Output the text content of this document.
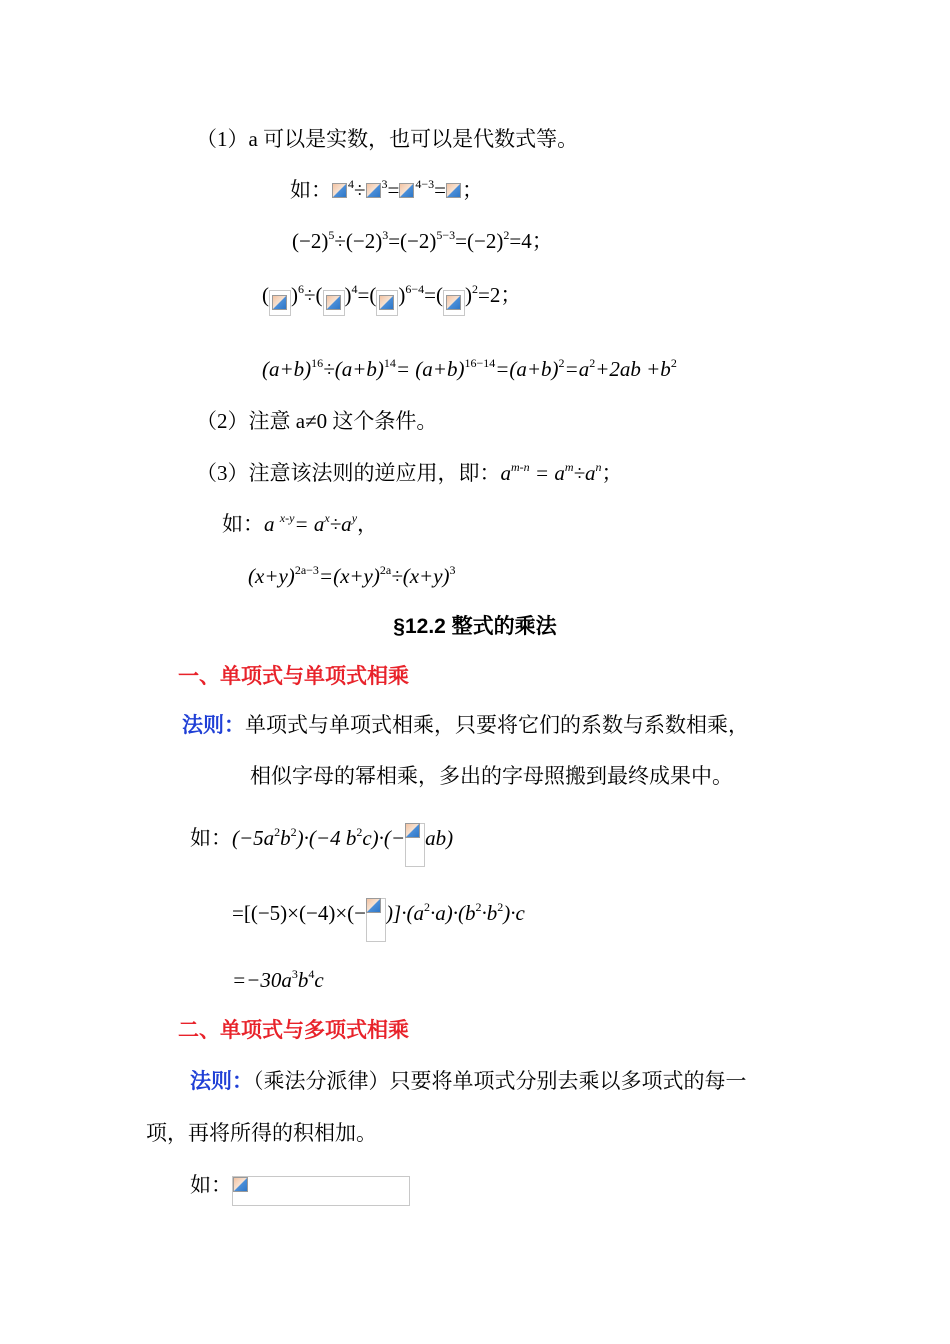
（1）a 可以是实数，也可以是代数式等。
如： $^4$÷ $^3$= $^{4-3}$= ；
$(-2)^5\div(-2)^3=(-2)^{5-3}=(-2)^2=4$；
( )$^6$÷( )$^4$=( )$^{6-4}$=( )$^2$=2；
$(a+b)^{16}\div(a+b)^{14}= (a+b)^{16-14}=(a+b)^2=a^2+2ab +b^2$
（2）注意 a≠0 这个条件。
（3）注意该法则的逆应用，即：$a^{m-n} = a^m\div a^n$；
如：a $^{x-y}= a^x\div a^y$，
$(x+y)^{2a-3}=(x+y)^{2a}\div(x+y)^3$
§12.2 整式的乘法
一、单项式与单项式相乘
法则：单项式与单项式相乘，只要将它们的系数与系数相乘，
相似字母的幂相乘，多出的字母照搬到最终成果中。
如：$(-5a^2b^2)\cdot(-4$ $b^2c)\cdot(- ab)$
$=[(-5)\times(-4)\times(- )]\cdot(a^2\cdot a)\cdot(b^2\cdot b^2)\cdot c$
$=-30a^3b^4c$
二、单项式与多项式相乘
法则：（乘法分派律）只要将单项式分别去乘以多项式的每一
项，再将所得的积相加。
如：
